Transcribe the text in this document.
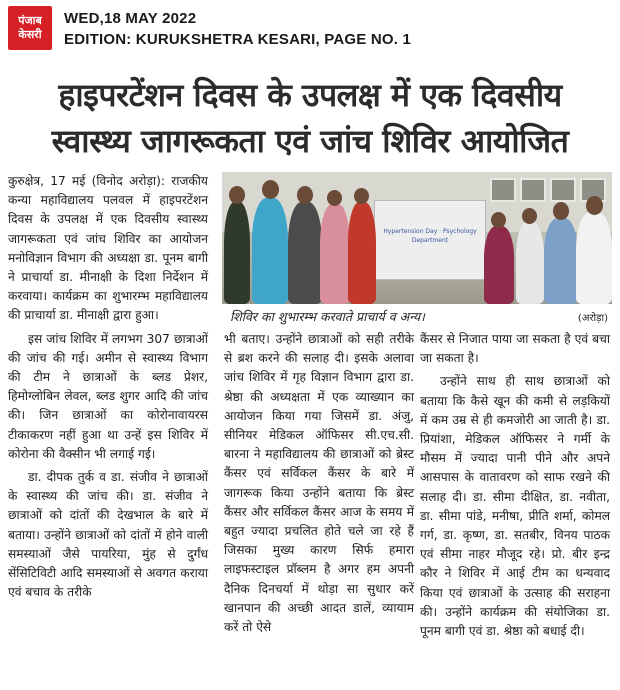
पंजाब
केसरी
WED,18 MAY 2022
EDITION: KURUKSHETRA KESARI, PAGE NO. 1
हाइपरटेंशन दिवस के उपलक्ष में एक दिवसीय
स्वास्थ्य जागरूकता एवं जांच शिविर आयोजित

कुरुक्षेत्र, 17 मई (विनोद अरोड़ा): राजकीय कन्या महाविद्यालय पलवल में हाइपरटेंशन दिवस के उपलक्ष में एक दिवसीय स्वास्थ्य जागरूकता एवं जांच शिविर का आयोजन मनोविज्ञान विभाग की अध्यक्षा डा. पूनम बागी ने प्राचार्या डा. मीनाक्षी के दिशा निर्देशन में करवाया। कार्यक्रम का शुभारम्भ महाविद्यालय की प्राचार्या डा. मीनाक्षी द्वारा हुआ।

इस जांच शिविर में लगभग 307 छात्राओं की जांच की गई। अमीन से स्वास्थ्य विभाग की टीम ने छात्राओं के ब्लड प्रेशर, हिमोग्लोबिन लेवल, ब्लड शुगर आदि की जांच की। जिन छात्राओं का कोरोनावायरस टीकाकरण नहीं हुआ था उन्हें इस शिविर में कोरोना की वैक्सीन भी लगाई गई।

डा. दीपक तुर्क व डा. संजीव ने छात्राओं के स्वास्थ्य की जांच की। डा. संजीव ने छात्राओं को दांतों की देखभाल के बारे में बताया। उन्होंने छात्राओं को दांतों में होने वाली समस्याओं जैसे पायरिया, मुंह से दुर्गंध सेंसिटिविटी आदि समस्याओं से अवगत कराया एवं बचाव के तरीके

Hypertension Day · Psychology Department
शिविर का शुभारम्भ करवाते प्राचार्य व अन्य।	(अरोड़ा)

भी बताए। उन्होंने छात्राओं को सही तरीके से ब्रश करने की सलाह दी। इसके अलावा जांच शिविर में गृह विज्ञान विभाग द्वारा डा. श्रेष्ठा की अध्यक्षता में एक व्याख्यान का आयोजन किया गया जिसमें डा. अंजु, सीनियर मेडिकल ऑफिसर सी.एच.सी. बारना ने महाविद्यालय की छात्राओं को ब्रेस्ट कैंसर एवं सर्विकल कैंसर के बारे में जागरूक किया उन्होंने बताया कि ब्रेस्ट कैंसर और सर्विकल कैंसर आज के समय में बहुत ज्यादा प्रचलित होते चले जा रहे हैं जिसका मुख्य कारण सिर्फ हमारा लाइफस्टाइल प्रॉब्लम है अगर हम अपनी दैनिक दिनचर्या में थोड़ा सा सुधार करें खानपान की अच्छी आदत डालें, व्यायाम करें तो ऐसे

कैंसर से निजात पाया जा सकता है एवं बचा जा सकता है।

उन्होंने साथ ही साथ छात्राओं को बताया कि कैसे खून की कमी से लड़कियों में कम उम्र से ही कमजोरी आ जाती है। डा. प्रियांशा, मेडिकल ऑफिसर ने गर्मी के मौसम में ज्यादा पानी पीने और अपने आसपास के वातावरण को साफ रखने की सलाह दी। डा. सीमा दीक्षित, डा. नवीता, डा. सीमा पांडे, मनीषा, प्रीति शर्मा, कोमल गर्ग, डा. कृष्ण, डा. सतबीर, विनय पाठक एवं सीमा नाहर मौजूद रहे। प्रो. बीर इन्द्र कौर ने शिविर में आई टीम का धन्यवाद किया एवं छात्राओं के उत्साह की सराहना की। उन्होंने कार्यक्रम की संयोजिका डा. पूनम बागी एवं डा. श्रेष्ठा को बधाई दी।
